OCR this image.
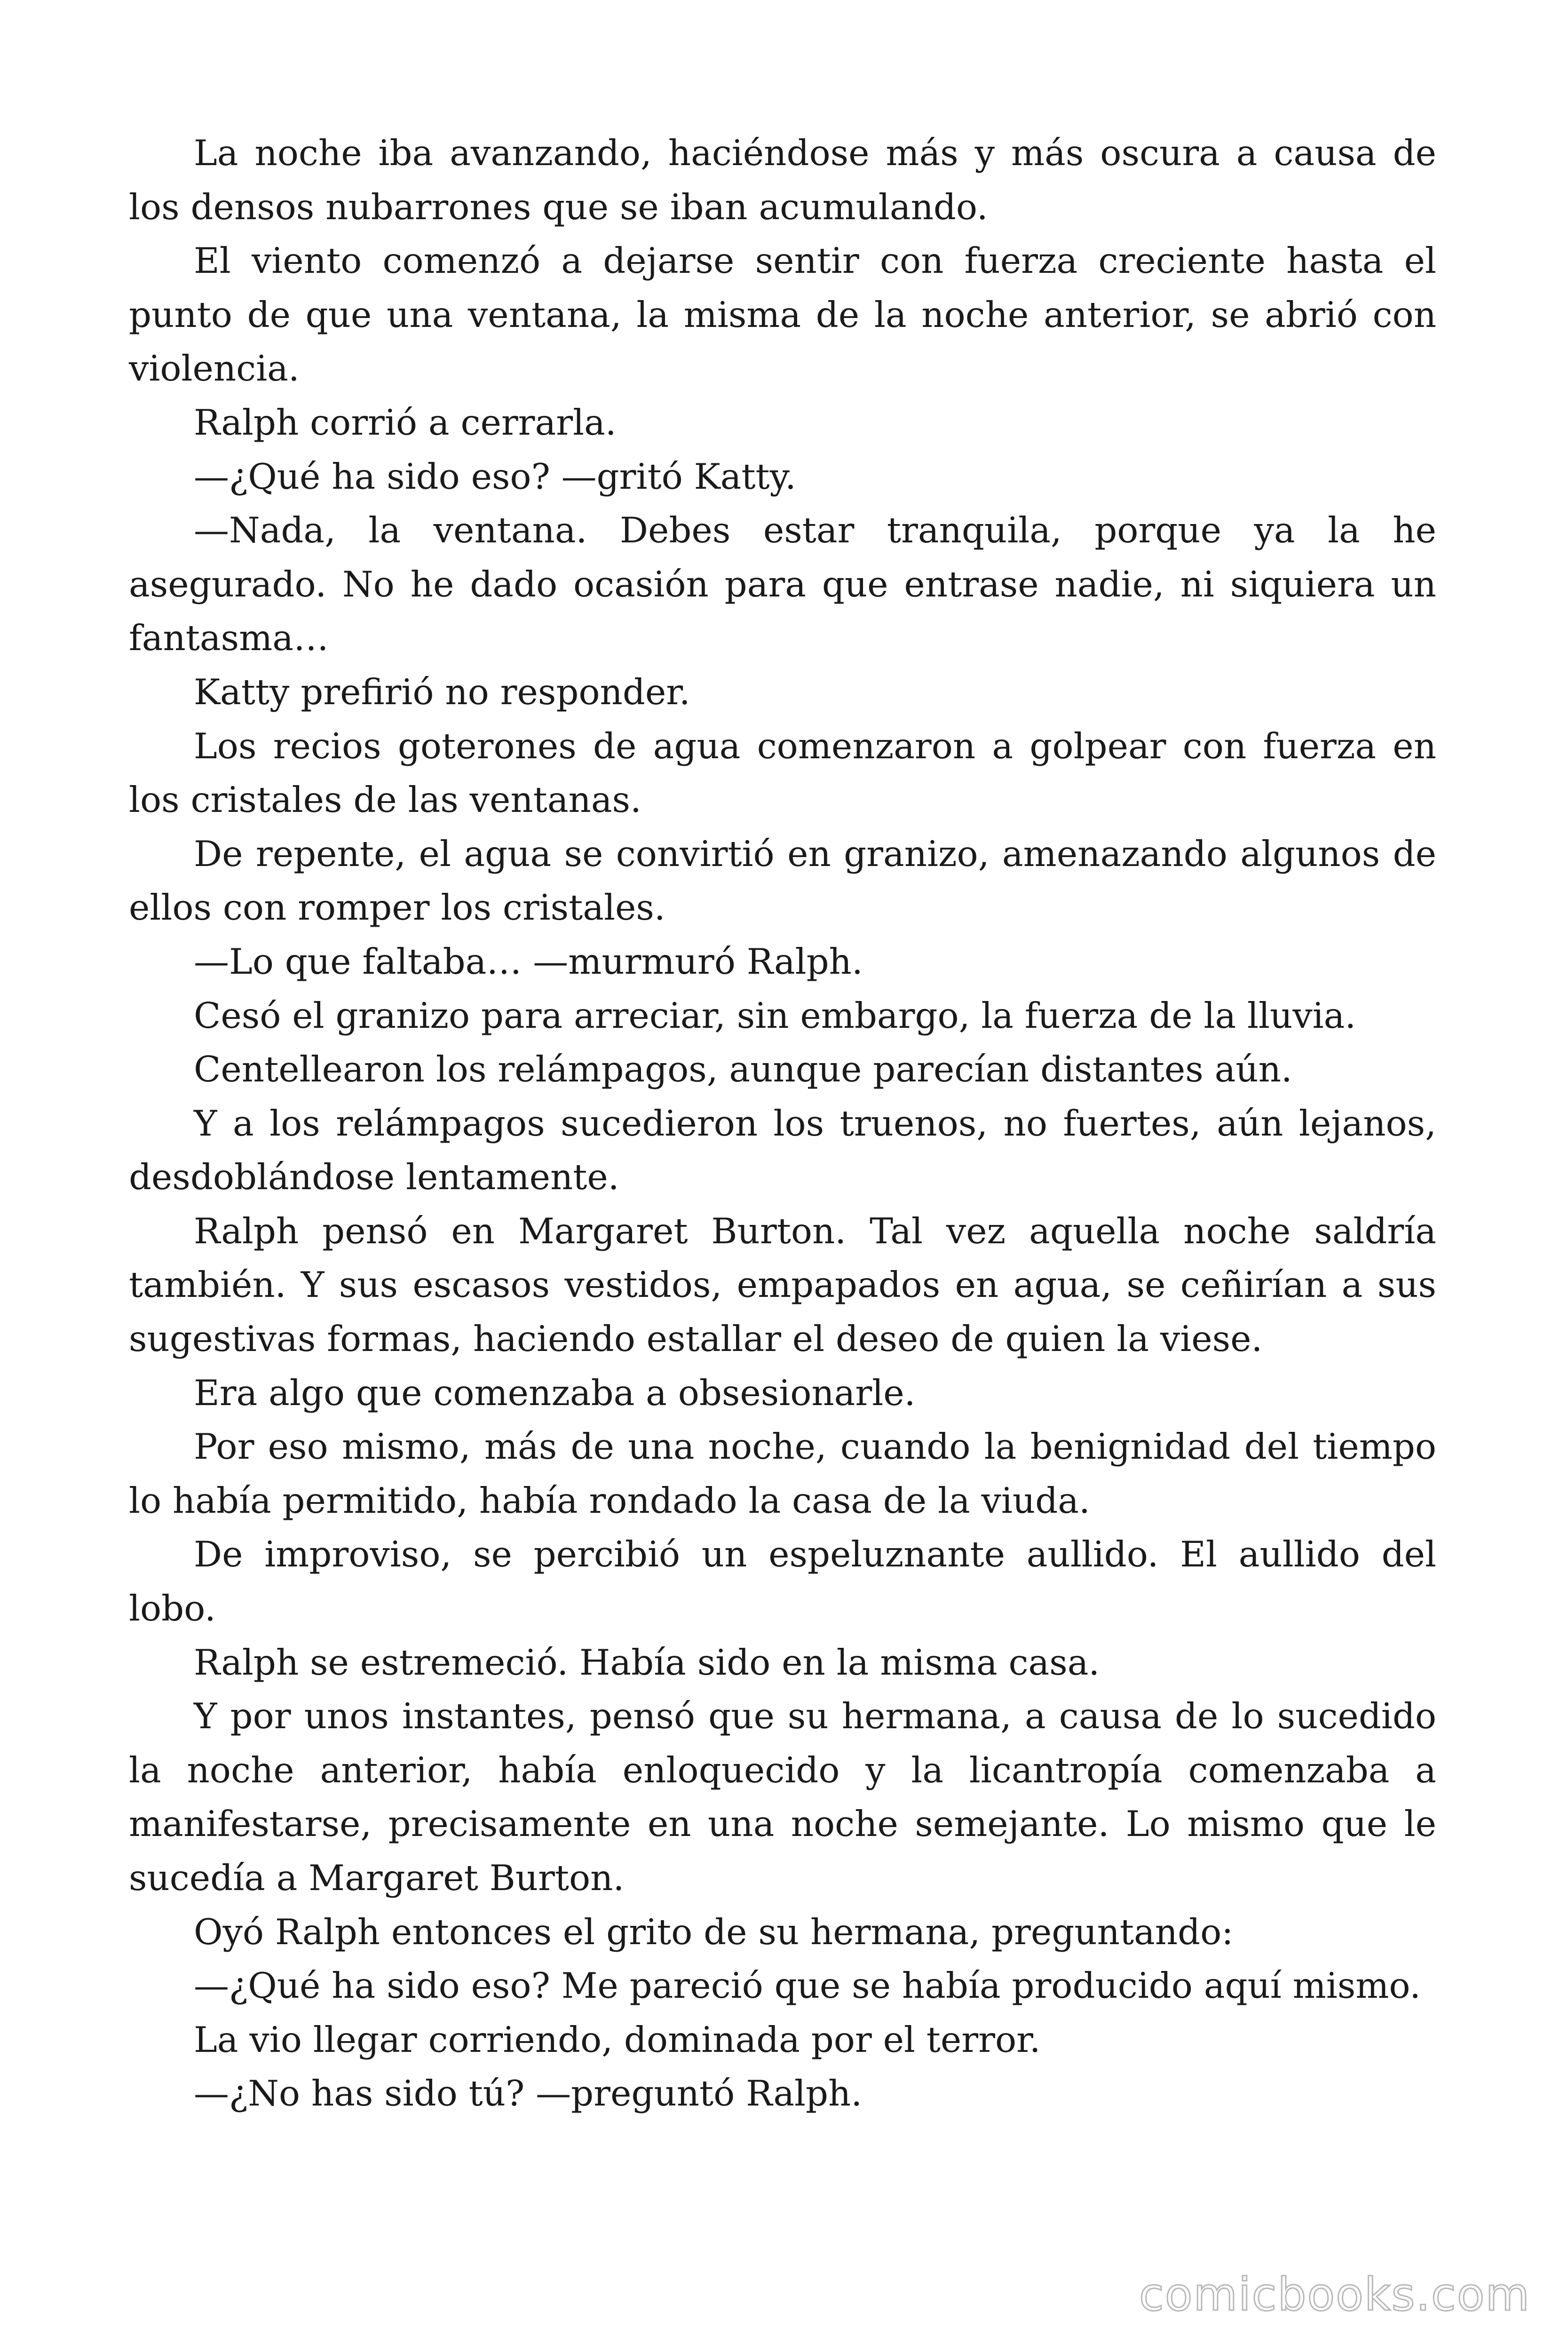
La noche iba avanzando, haciéndose más y más oscura a causa de los densos nubarrones que se iban acumulando.

El viento comenzó a dejarse sentir con fuerza creciente hasta el punto de que una ventana, la misma de la noche anterior, se abrió con violencia.

Ralph corrió a cerrarla.

—¿Qué ha sido eso? —gritó Katty.

—Nada, la ventana. Debes estar tranquila, porque ya la he asegurado. No he dado ocasión para que entrase nadie, ni siquiera un fantasma…

Katty prefirió no responder.

Los recios goterones de agua comenzaron a golpear con fuerza en los cristales de las ventanas.

De repente, el agua se convirtió en granizo, amenazando algunos de ellos con romper los cristales.

—Lo que faltaba… —murmuró Ralph.

Cesó el granizo para arreciar, sin embargo, la fuerza de la lluvia.

Centellearon los relámpagos, aunque parecían distantes aún.

Y a los relámpagos sucedieron los truenos, no fuertes, aún lejanos, desdoblándose lentamente.

Ralph pensó en Margaret Burton. Tal vez aquella noche saldría también. Y sus escasos vestidos, empapados en agua, se ceñirían a sus sugestivas formas, haciendo estallar el deseo de quien la viese.

Era algo que comenzaba a obsesionarle.

Por eso mismo, más de una noche, cuando la benignidad del tiempo lo había permitido, había rondado la casa de la viuda.

De improviso, se percibió un espeluznante aullido. El aullido del lobo.

Ralph se estremeció. Había sido en la misma casa.

Y por unos instantes, pensó que su hermana, a causa de lo sucedido la noche anterior, había enloquecido y la licantropía comenzaba a manifestarse, precisamente en una noche semejante. Lo mismo que le sucedía a Margaret Burton.

Oyó Ralph entonces el grito de su hermana, preguntando:

—¿Qué ha sido eso? Me pareció que se había producido aquí mismo.

La vio llegar corriendo, dominada por el terror.

—¿No has sido tú? —preguntó Ralph.

comicbooks.com
